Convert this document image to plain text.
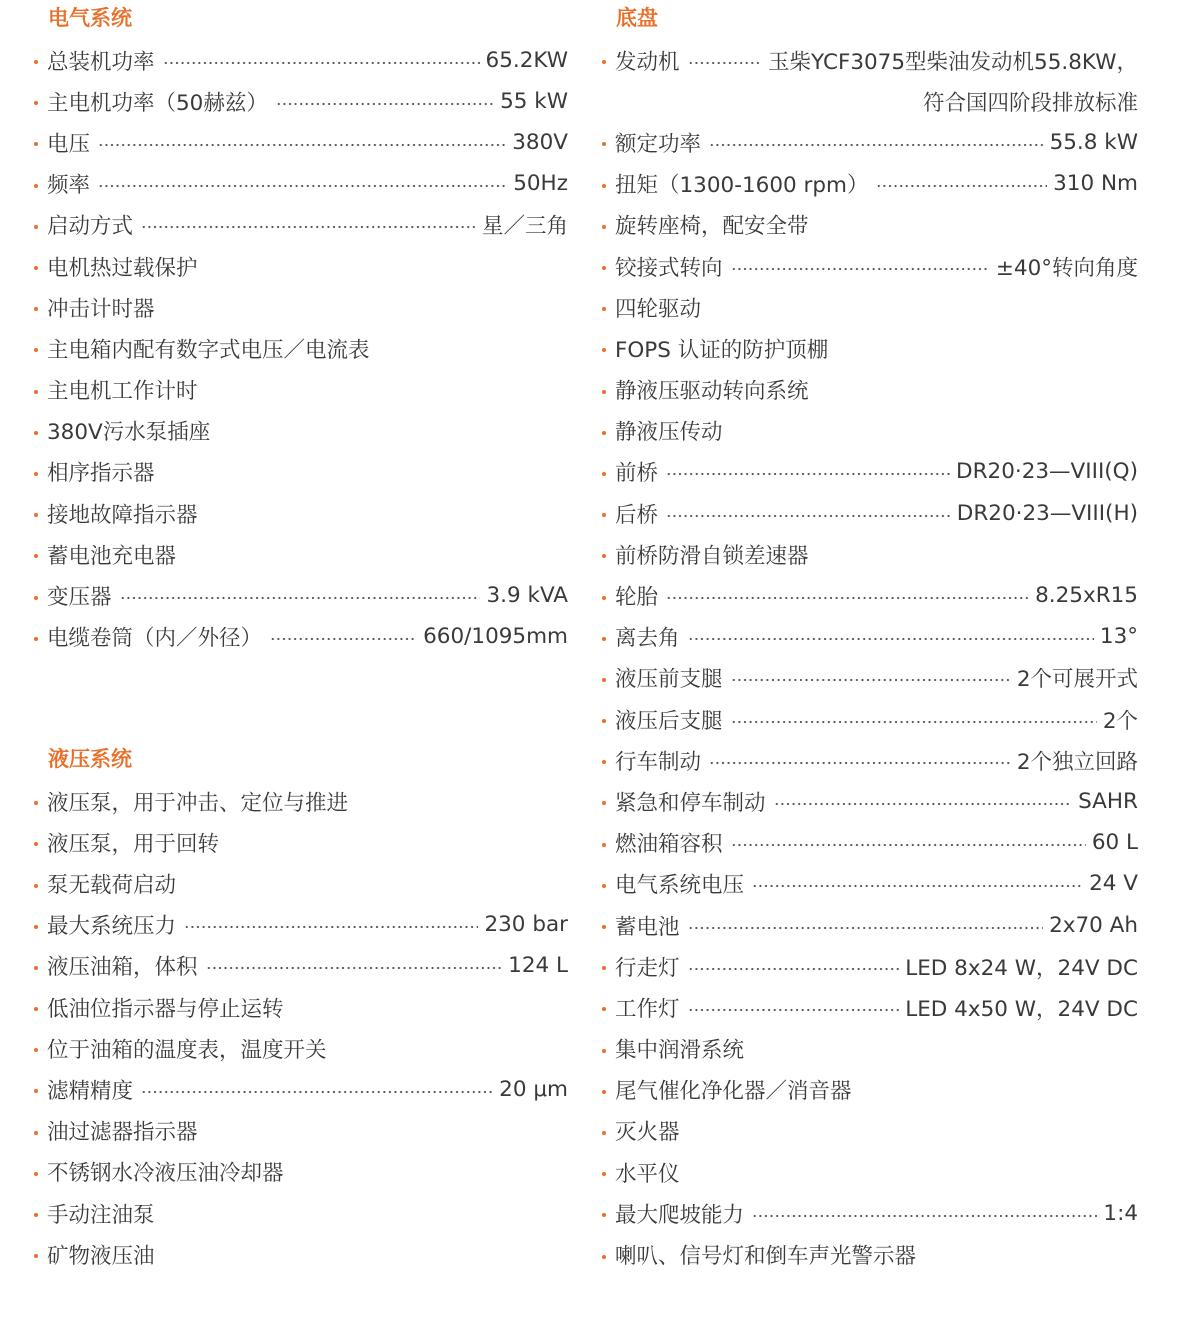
电气系统
总装机功率	65.2KW
主电机功率（50赫兹）	55 kW
电压	380V
频率	50Hz
启动方式	星／三角
电机热过载保护
冲击计时器
主电箱内配有数字式电压／电流表
主电机工作计时
380V污水泵插座
相序指示器
接地故障指示器
蓄电池充电器
变压器	3.9 kVA
电缆卷筒（内／外径）	660/1095mm
液压系统
液压泵，用于冲击、定位与推进
液压泵，用于回转
泵无载荷启动
最大系统压力	230 bar
液压油箱，体积	124 L
低油位指示器与停止运转
位于油箱的温度表，温度开关
滤精精度	20 μm
油过滤器指示器
不锈钢水冷液压油冷却器
手动注油泵
矿物液压油
底盘
发动机	玉柴YCF3075型柴油发动机55.8KW，
符合国四阶段排放标准
额定功率	55.8 kW
扭矩（1300-1600 rpm）	310 Nm
旋转座椅，配安全带
铰接式转向	±40°转向角度
四轮驱动
FOPS 认证的防护顶棚
静液压驱动转向系统
静液压传动
前桥	DR20·23—VIII(Q)
后桥	DR20·23—VIII(H)
前桥防滑自锁差速器
轮胎	8.25xR15
离去角	13°
液压前支腿	2个可展开式
液压后支腿	2个
行车制动	2个独立回路
紧急和停车制动	SAHR
燃油箱容积	60 L
电气系统电压	24 V
蓄电池	2x70 Ah
行走灯	LED 8x24 W，24V DC
工作灯	LED 4x50 W，24V DC
集中润滑系统
尾气催化净化器／消音器
灭火器
水平仪
最大爬坡能力	1:4
喇叭、信号灯和倒车声光警示器
